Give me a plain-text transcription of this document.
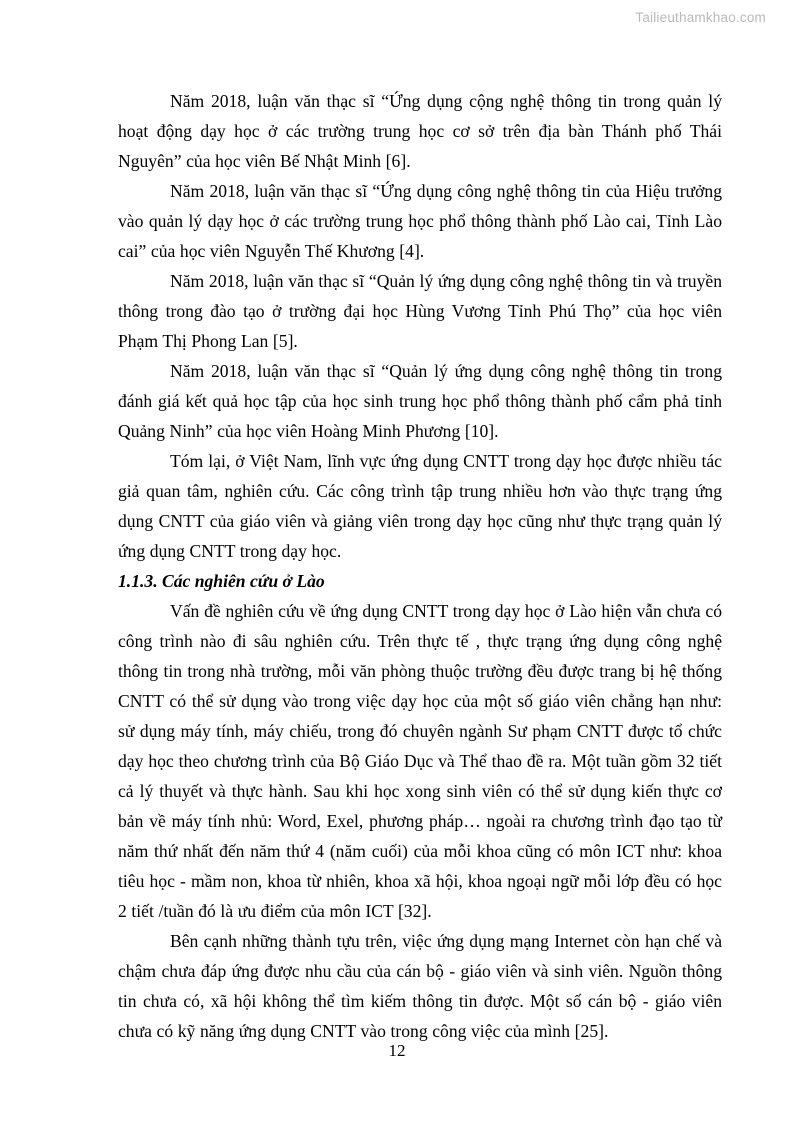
Tailieuthamkhao.com

Năm 2018, luận văn thạc sĩ “Ứng dụng cộng nghệ thông tin trong quản lý hoạt động dạy học ở các trường trung học cơ sở trên địa bàn Thánh phố Thái Nguyên” của học viên Bế Nhật Minh [6].

Năm 2018, luận văn thạc sĩ “Ứng dụng công nghệ thông tin của Hiệu trưởng vào quản lý dạy học ở các trường trung học phổ thông thành phố Lào cai, Tỉnh Lào cai” của học viên Nguyễn Thế Khương [4].

Năm 2018, luận văn thạc sĩ “Quản lý ứng dụng công nghệ thông tin và truyền thông trong đào tạo ở trường đại học Hùng Vương Tỉnh Phú Thọ” của học viên Phạm Thị Phong Lan [5].

Năm 2018, luận văn thạc sĩ “Quản lý ứng dụng công nghệ thông tin trong đánh giá kết quả học tập của học sinh trung học phổ thông thành phố cẩm phả tỉnh Quảng Ninh” của học viên Hoàng Minh Phương [10].

Tóm lại, ở Việt Nam, lĩnh vực ứng dụng CNTT trong dạy học được nhiều tác giả quan tâm, nghiên cứu. Các công trình tập trung nhiều hơn vào thực trạng ứng dụng CNTT của giáo viên và giảng viên trong dạy học cũng như thực trạng quản lý ứng dụng CNTT trong dạy học.

1.1.3. Các nghiên cứu ở Lào

Vấn đề nghiên cứu về ứng dụng CNTT trong dạy học ở Lào hiện vẫn chưa có công trình nào đi sâu nghiên cứu. Trên thực tế , thực trạng ứng dụng công nghệ thông tin trong nhà trường, mỗi văn phòng thuộc trường đều được trang bị hệ thống CNTT có thể sử dụng vào trong việc dạy học của một số giáo viên chẳng hạn như: sử dụng máy tính, máy chiếu, trong đó chuyên ngành Sư phạm CNTT được tổ chức dạy học theo chương trình của Bộ Giáo Dục và Thể thao đề ra. Một tuần gồm 32 tiết cả lý thuyết và thực hành. Sau khi học xong sinh viên có thể sử dụng kiến thực cơ bản về máy tính nhủ: Word, Exel, phương pháp… ngoài ra chương trình đạo tạo từ năm thứ nhất đến năm thứ 4 (năm cuối) của mỗi khoa cũng có môn ICT như: khoa tiêu học - mầm non, khoa từ nhiên, khoa xã hội, khoa ngoại ngữ mỗi lớp đều có học 2 tiết /tuần đó là ưu điểm của môn ICT [32].

Bên cạnh những thành tựu trên, việc ứng dụng mạng Internet còn hạn chế và chậm chưa đáp ứng được nhu cầu của cán bộ - giáo viên và sinh viên. Nguồn thông tin chưa có, xã hội không thể tìm kiếm thông tin được. Một số cán bộ - giáo viên chưa có kỹ năng ứng dụng CNTT vào trong công việc của mình [25].

12
